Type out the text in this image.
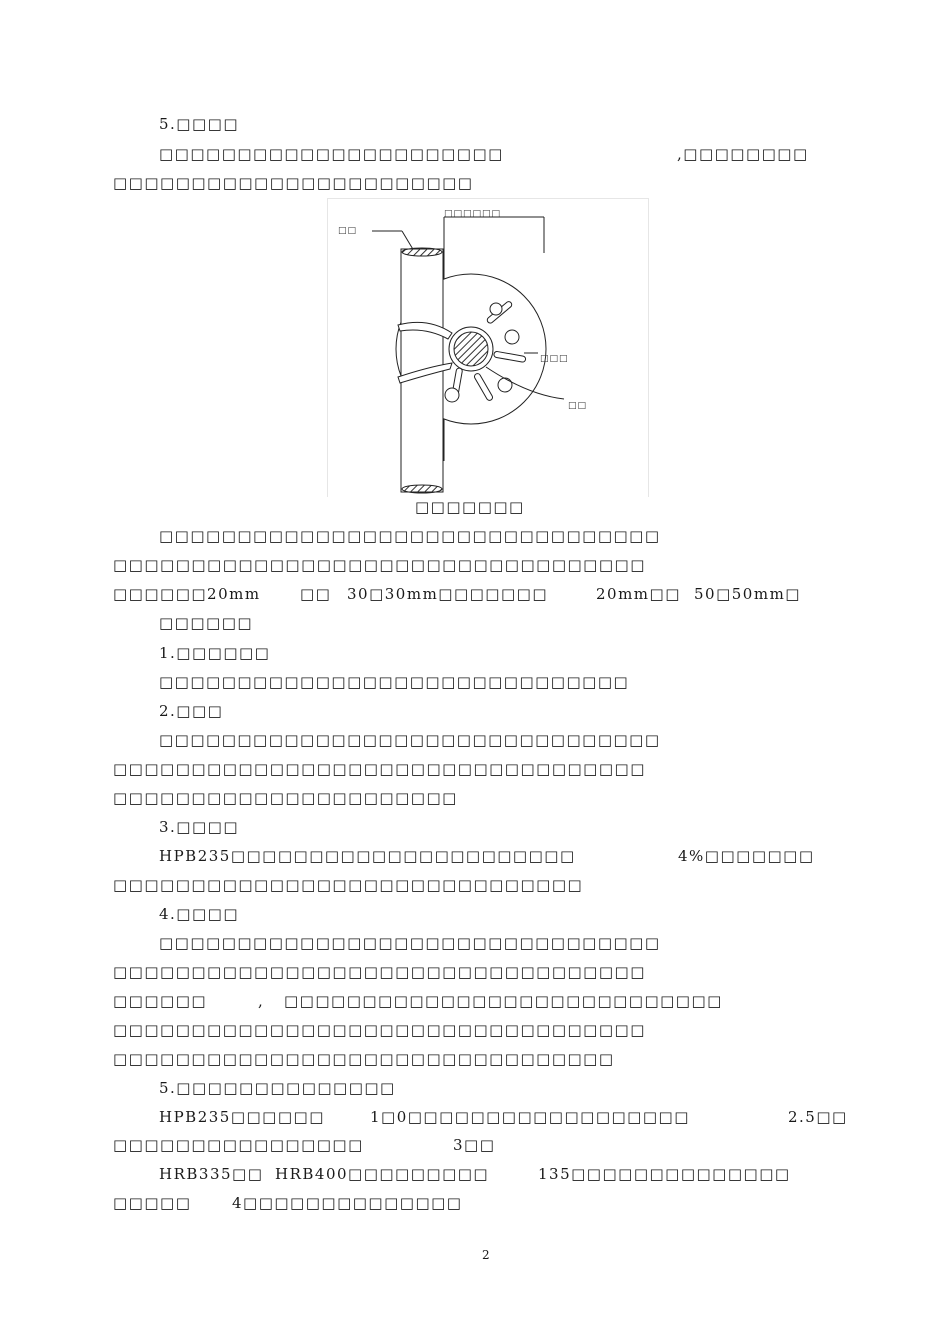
5.□□□□
□□□□□□□□□□□□□□□□□□□□□□	,□□□□□□□□
□□□□□□□□□□□□□□□□□□□□□□□
□□□□□□
□□
□□□
□□
□□□□□□□
□□□□□□□□□□□□□□□□□□□□□□□□□□□□□□□□
□□□□□□□□□□□□□□□□□□□□□□□□□□□□□□□□□□
□□□□□□20mm	□□ 30□30mm□□□□□□□	20mm□□ 50□50mm□
□□□□□□
1.□□□□□□
□□□□□□□□□□□□□□□□□□□□□□□□□□□□□□
2.□□□
□□□□□□□□□□□□□□□□□□□□□□□□□□□□□□□□
□□□□□□□□□□□□□□□□□□□□□□□□□□□□□□□□□□
□□□□□□□□□□□□□□□□□□□□□□
3.□□□□
HPB235□□□□□□□□□□□□□□□□□□□□□□	4%□□□□□□□
□□□□□□□□□□□□□□□□□□□□□□□□□□□□□□
4.□□□□
□□□□□□□□□□□□□□□□□□□□□□□□□□□□□□□□
□□□□□□□□□□□□□□□□□□□□□□□□□□□□□□□□□□
□□□□□□	, □□□□□□□□□□□□□□□□□□□□□□□□□□□□
□□□□□□□□□□□□□□□□□□□□□□□□□□□□□□□□□□
□□□□□□□□□□□□□□□□□□□□□□□□□□□□□□□□
5.□□□□□□□□□□□□□□
HPB235□□□□□□	1□0□□□□□□□□□□□□□□□□□□	2.5□□
□□□□□□□□□□□□□□□□	3□□
HRB335□□ HRB400□□□□□□□□□	135□□□□□□□□□□□□□□
□□□□□	4□□□□□□□□□□□□□□
2
